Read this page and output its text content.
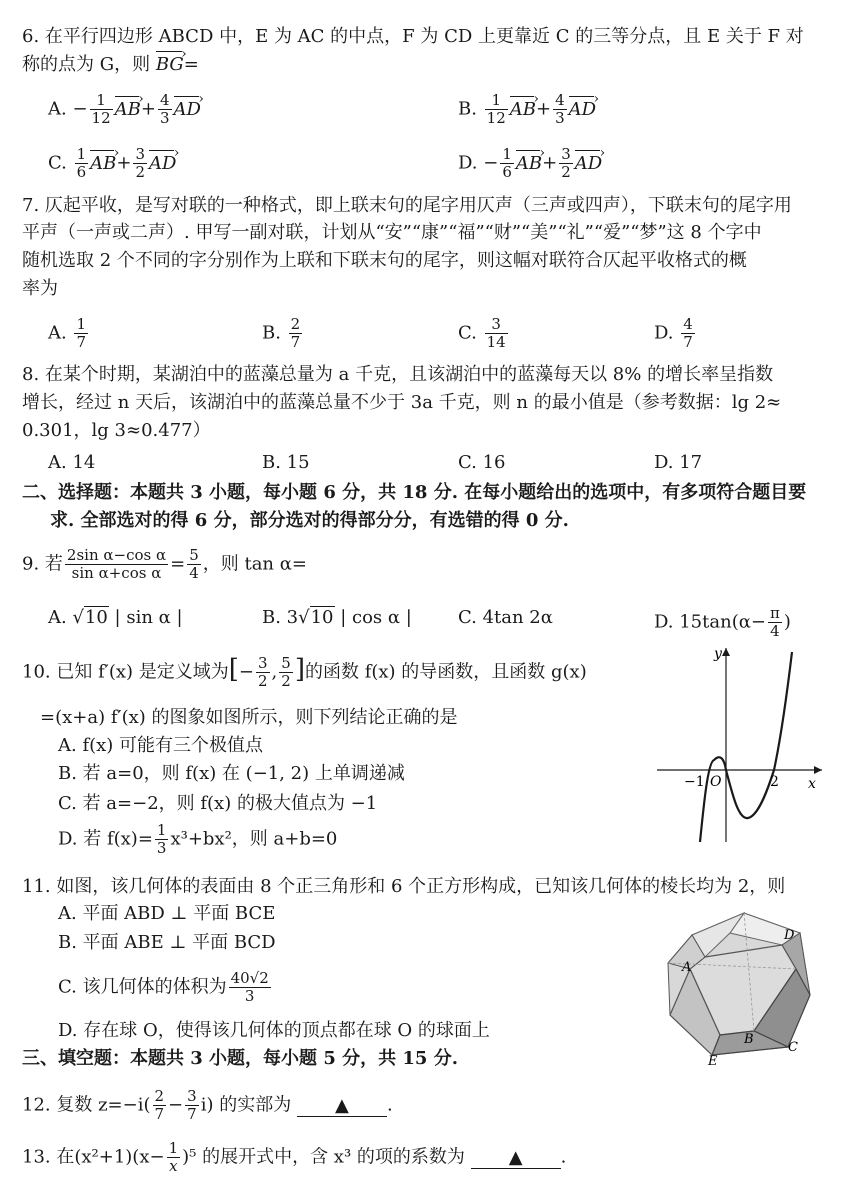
6. 在平行四边形 ABCD 中，E 为 AC 的中点，F 为 CD 上更靠近 C 的三等分点，且 E 关于 F 对
称的点为 G，则 BG ›=
A. − $\frac{1}{12}$ AB ›+ $\frac{4}{3}$ AD ›	B. $\frac{1}{12}$ AB ›+ $\frac{4}{3}$ AD ›
C. $\frac{1}{6}$ AB ›+ $\frac{3}{2}$ AD ›	D. − $\frac{1}{6}$ AB ›+ $\frac{3}{2}$ AD ›
7. 仄起平收，是写对联的一种格式，即上联末句的尾字用仄声（三声或四声），下联末句的尾字用
平声（一声或二声）. 甲写一副对联，计划从“安”“康”“福”“财”“美”“礼”“爱”“梦”这 8 个字中
随机选取 2 个不同的字分别作为上联和下联末句的尾字，则这幅对联符合仄起平收格式的概
率为
A. $\frac{1}{7}$	B. $\frac{2}{7}$	C. $\frac{3}{14}$	D. $\frac{4}{7}$
8. 在某个时期，某湖泊中的蓝藻总量为 a 千克，且该湖泊中的蓝藻每天以 8% 的增长率呈指数
增长，经过 n 天后，该湖泊中的蓝藻总量不少于 3a 千克，则 n 的最小值是（参考数据：lg 2≈
0.301，lg 3≈0.477）
A. 14	B. 15	C. 16	D. 17
二、选择题：本题共 3 小题，每小题 6 分，共 18 分. 在每小题给出的选项中，有多项符合题目要
求. 全部选对的得 6 分，部分选对的得部分分，有选错的得 0 分.
9. 若 $\frac{\text{2sin α−cos α}}{\text{sin α+cos α}} = \frac{5}{4}$ ，则 tan α=
A. √10 | sin α |	B. 3√10 | cos α |	C. 4tan 2α	D. $15\tan(\alpha- \frac{\pi}{4}$ )
10. 已知 f′(x) 是定义域为[− $\frac{3}{2}$ , $\frac{5}{2}$ ]的函数 f(x) 的导函数，且函数 g(x)
=(x+a) f′(x) 的图象如图所示，则下列结论正确的是
A. f(x) 可能有三个极值点
B. 若 a=0，则 f(x) 在 (−1, 2) 上单调递减
C. 若 a=−2，则 f(x) 的极大值点为 −1
D. 若 $f(x)= \frac{1}{3} x^3+bx^2$，则 a+b=0
y
x
−1 O	2
11. 如图，该几何体的表面由 8 个正三角形和 6 个正方形构成，已知该几何体的棱长均为 2，则
A. 平面 ABD ⊥ 平面 BCE
B. 平面 ABE ⊥ 平面 BCD
C. 该几何体的体积为 $\frac{40√2}{3}$
D. 存在球 O，使得该几何体的顶点都在球 O 的球面上
A
D
B
C
E
三、填空题：本题共 3 小题，每小题 5 分，共 15 分.
12. 复数 $z=-i( \frac{2}{7} - \frac{3}{7} i)$ 的实部为 ▲ .
13. 在$(x^2+1)(x- \frac{1}{x} )^5$ 的展开式中，含 x³ 的项的系数为 ▲ .
